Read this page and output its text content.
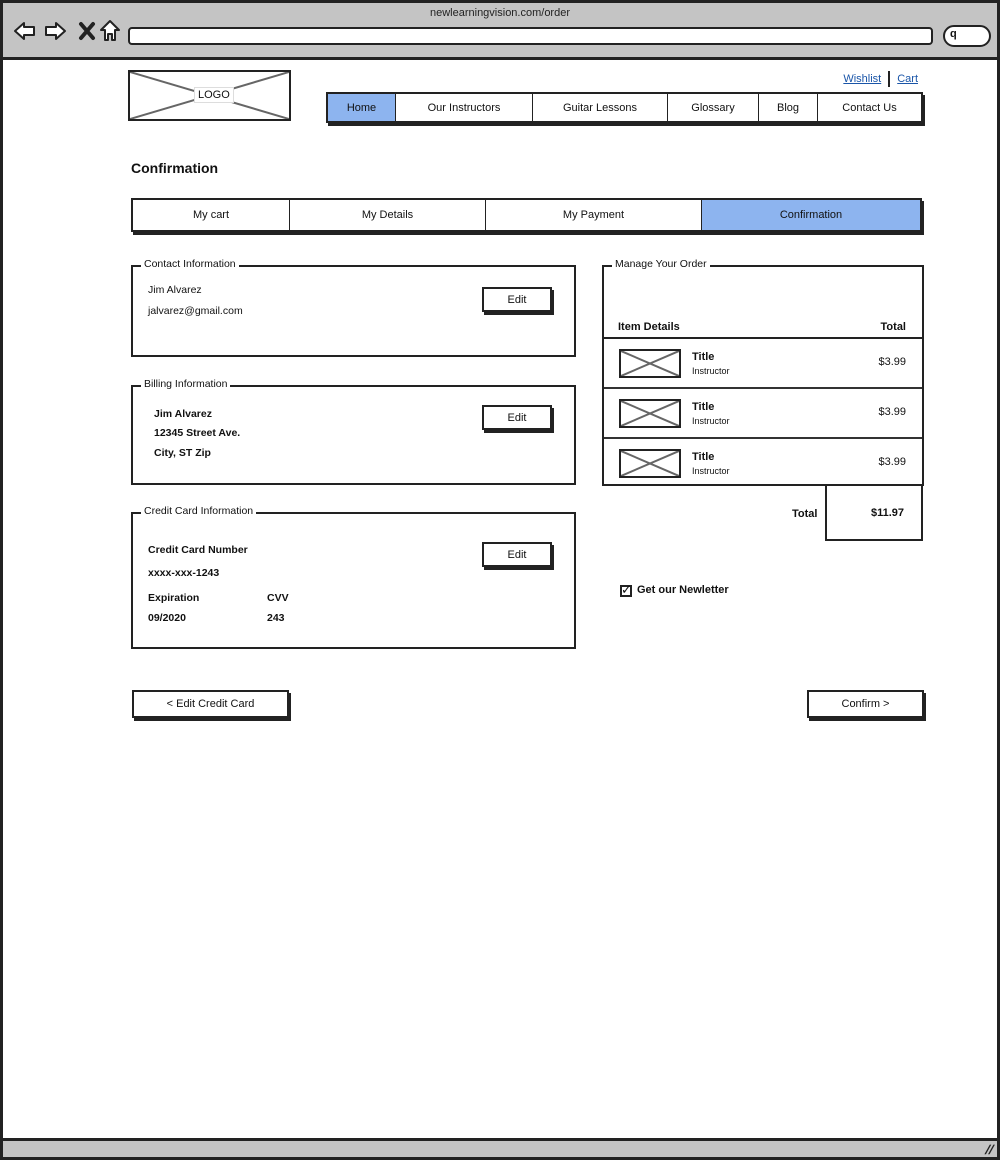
newlearningvision.com/order
q
LOGO
Wishlist Cart
Home	Our Instructors	Guitar Lessons	Glossary	Blog	Contact Us
Confirmation
My cart	My Details	My Payment	Confirmation
Contact Information
Jim Alvarez
jalvarez@gmail.com
Edit
Billing Information
Jim Alvarez
12345 Street Ave.
City, ST Zip
Edit
Credit Card Information
Credit Card Number
xxxx-xxx-1243
Expiration
09/2020
CVV
243
Edit
Manage Your Order
Item Details	Total
Title
Instructor
$3.99
Title
Instructor
$3.99
Title
Instructor
$3.99
Total	$11.97
✓ Get our Newletter
< Edit Credit Card	Confirm >
//
